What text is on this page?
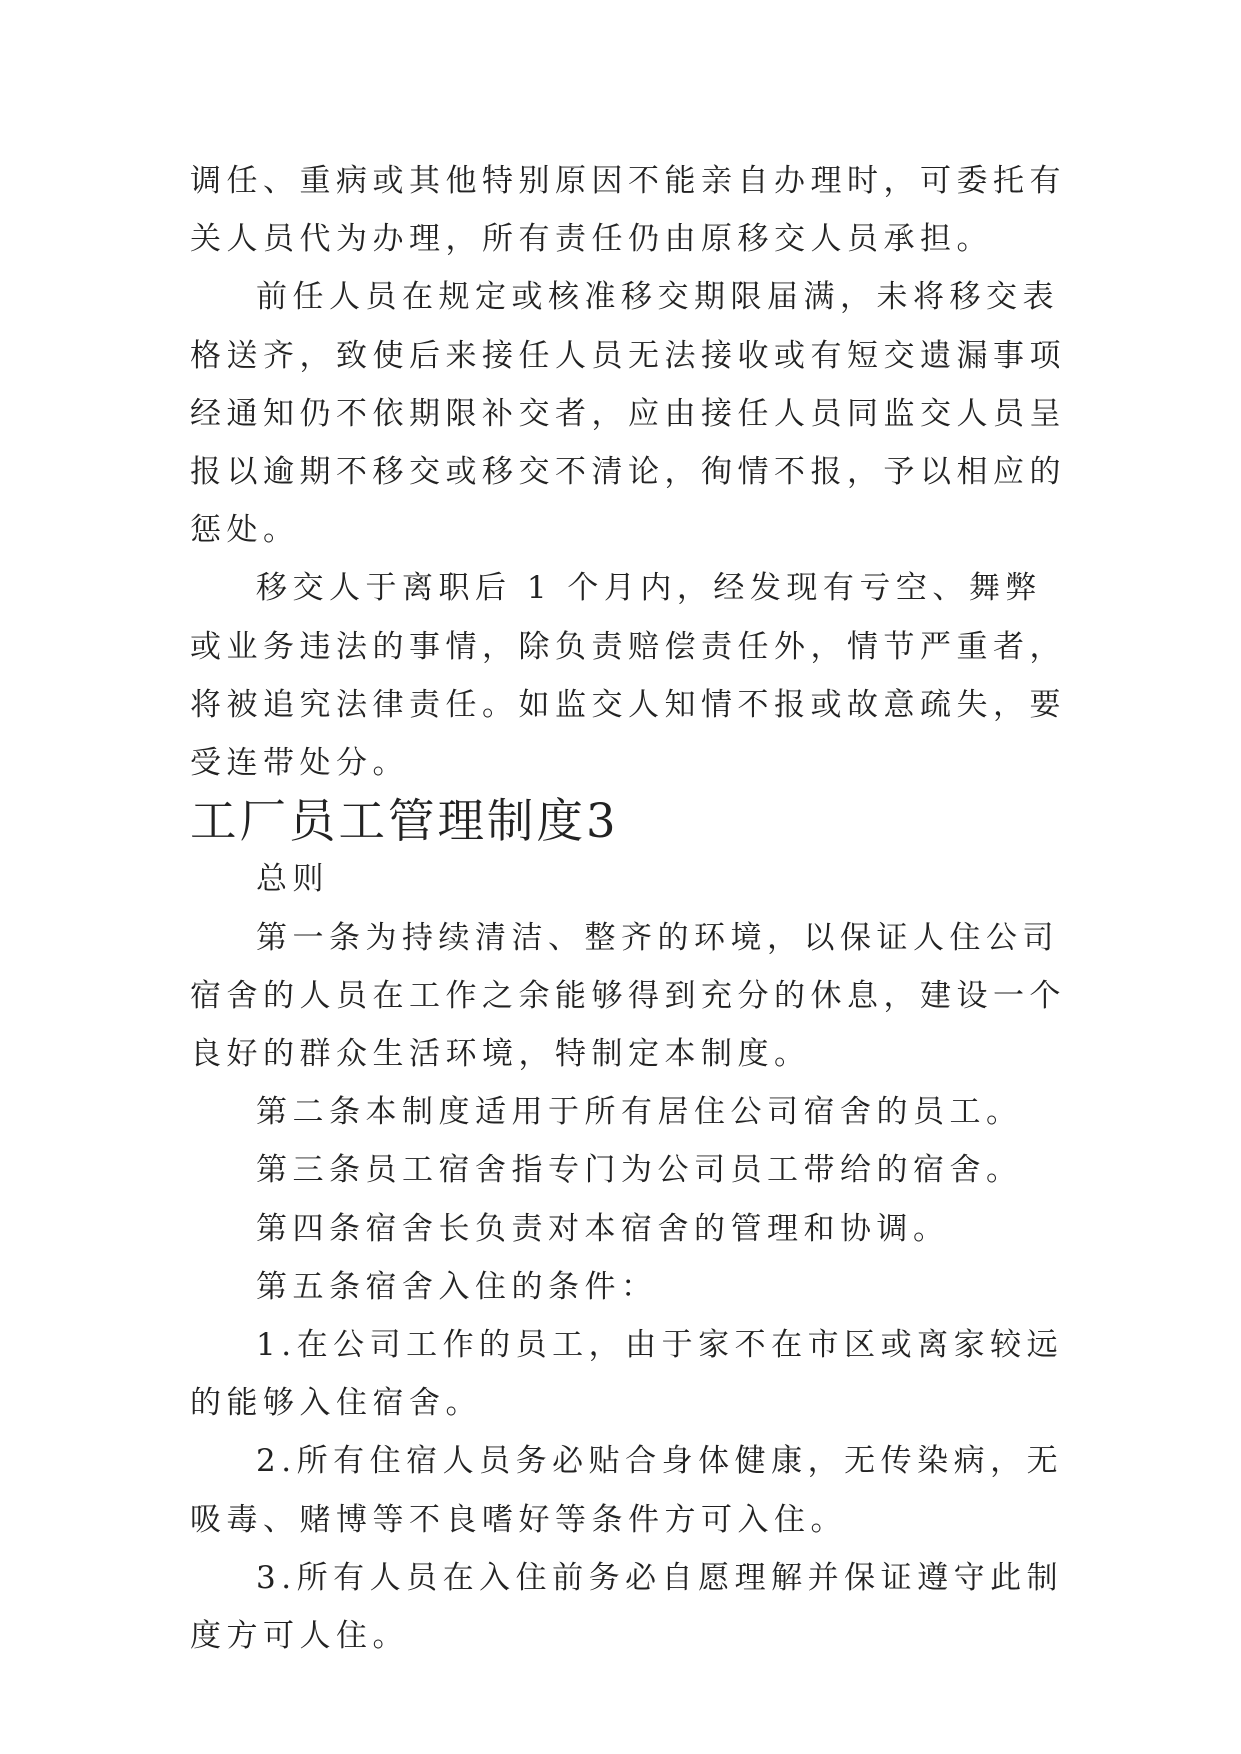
调任、重病或其他特别原因不能亲自办理时，可委托有关人员代为办理，所有责任仍由原移交人员承担。

前任人员在规定或核准移交期限届满，未将移交表格送齐，致使后来接任人员无法接收或有短交遗漏事项经通知仍不依期限补交者，应由接任人员同监交人员呈报以逾期不移交或移交不清论，徇情不报，予以相应的惩处。

移交人于离职后 1 个月内，经发现有亏空、舞弊或业务违法的事情，除负责赔偿责任外，情节严重者，将被追究法律责任。如监交人知情不报或故意疏失，要受连带处分。

工厂员工管理制度3

总则

第一条为持续清洁、整齐的环境，以保证人住公司宿舍的人员在工作之余能够得到充分的休息，建设一个良好的群众生活环境，特制定本制度。

第二条本制度适用于所有居住公司宿舍的员工。

第三条员工宿舍指专门为公司员工带给的宿舍。

第四条宿舍长负责对本宿舍的管理和协调。

第五条宿舍入住的条件：

1.在公司工作的员工，由于家不在市区或离家较远的能够入住宿舍。

2.所有住宿人员务必贴合身体健康，无传染病，无吸毒、赌博等不良嗜好等条件方可入住。

3.所有人员在入住前务必自愿理解并保证遵守此制度方可人住。
